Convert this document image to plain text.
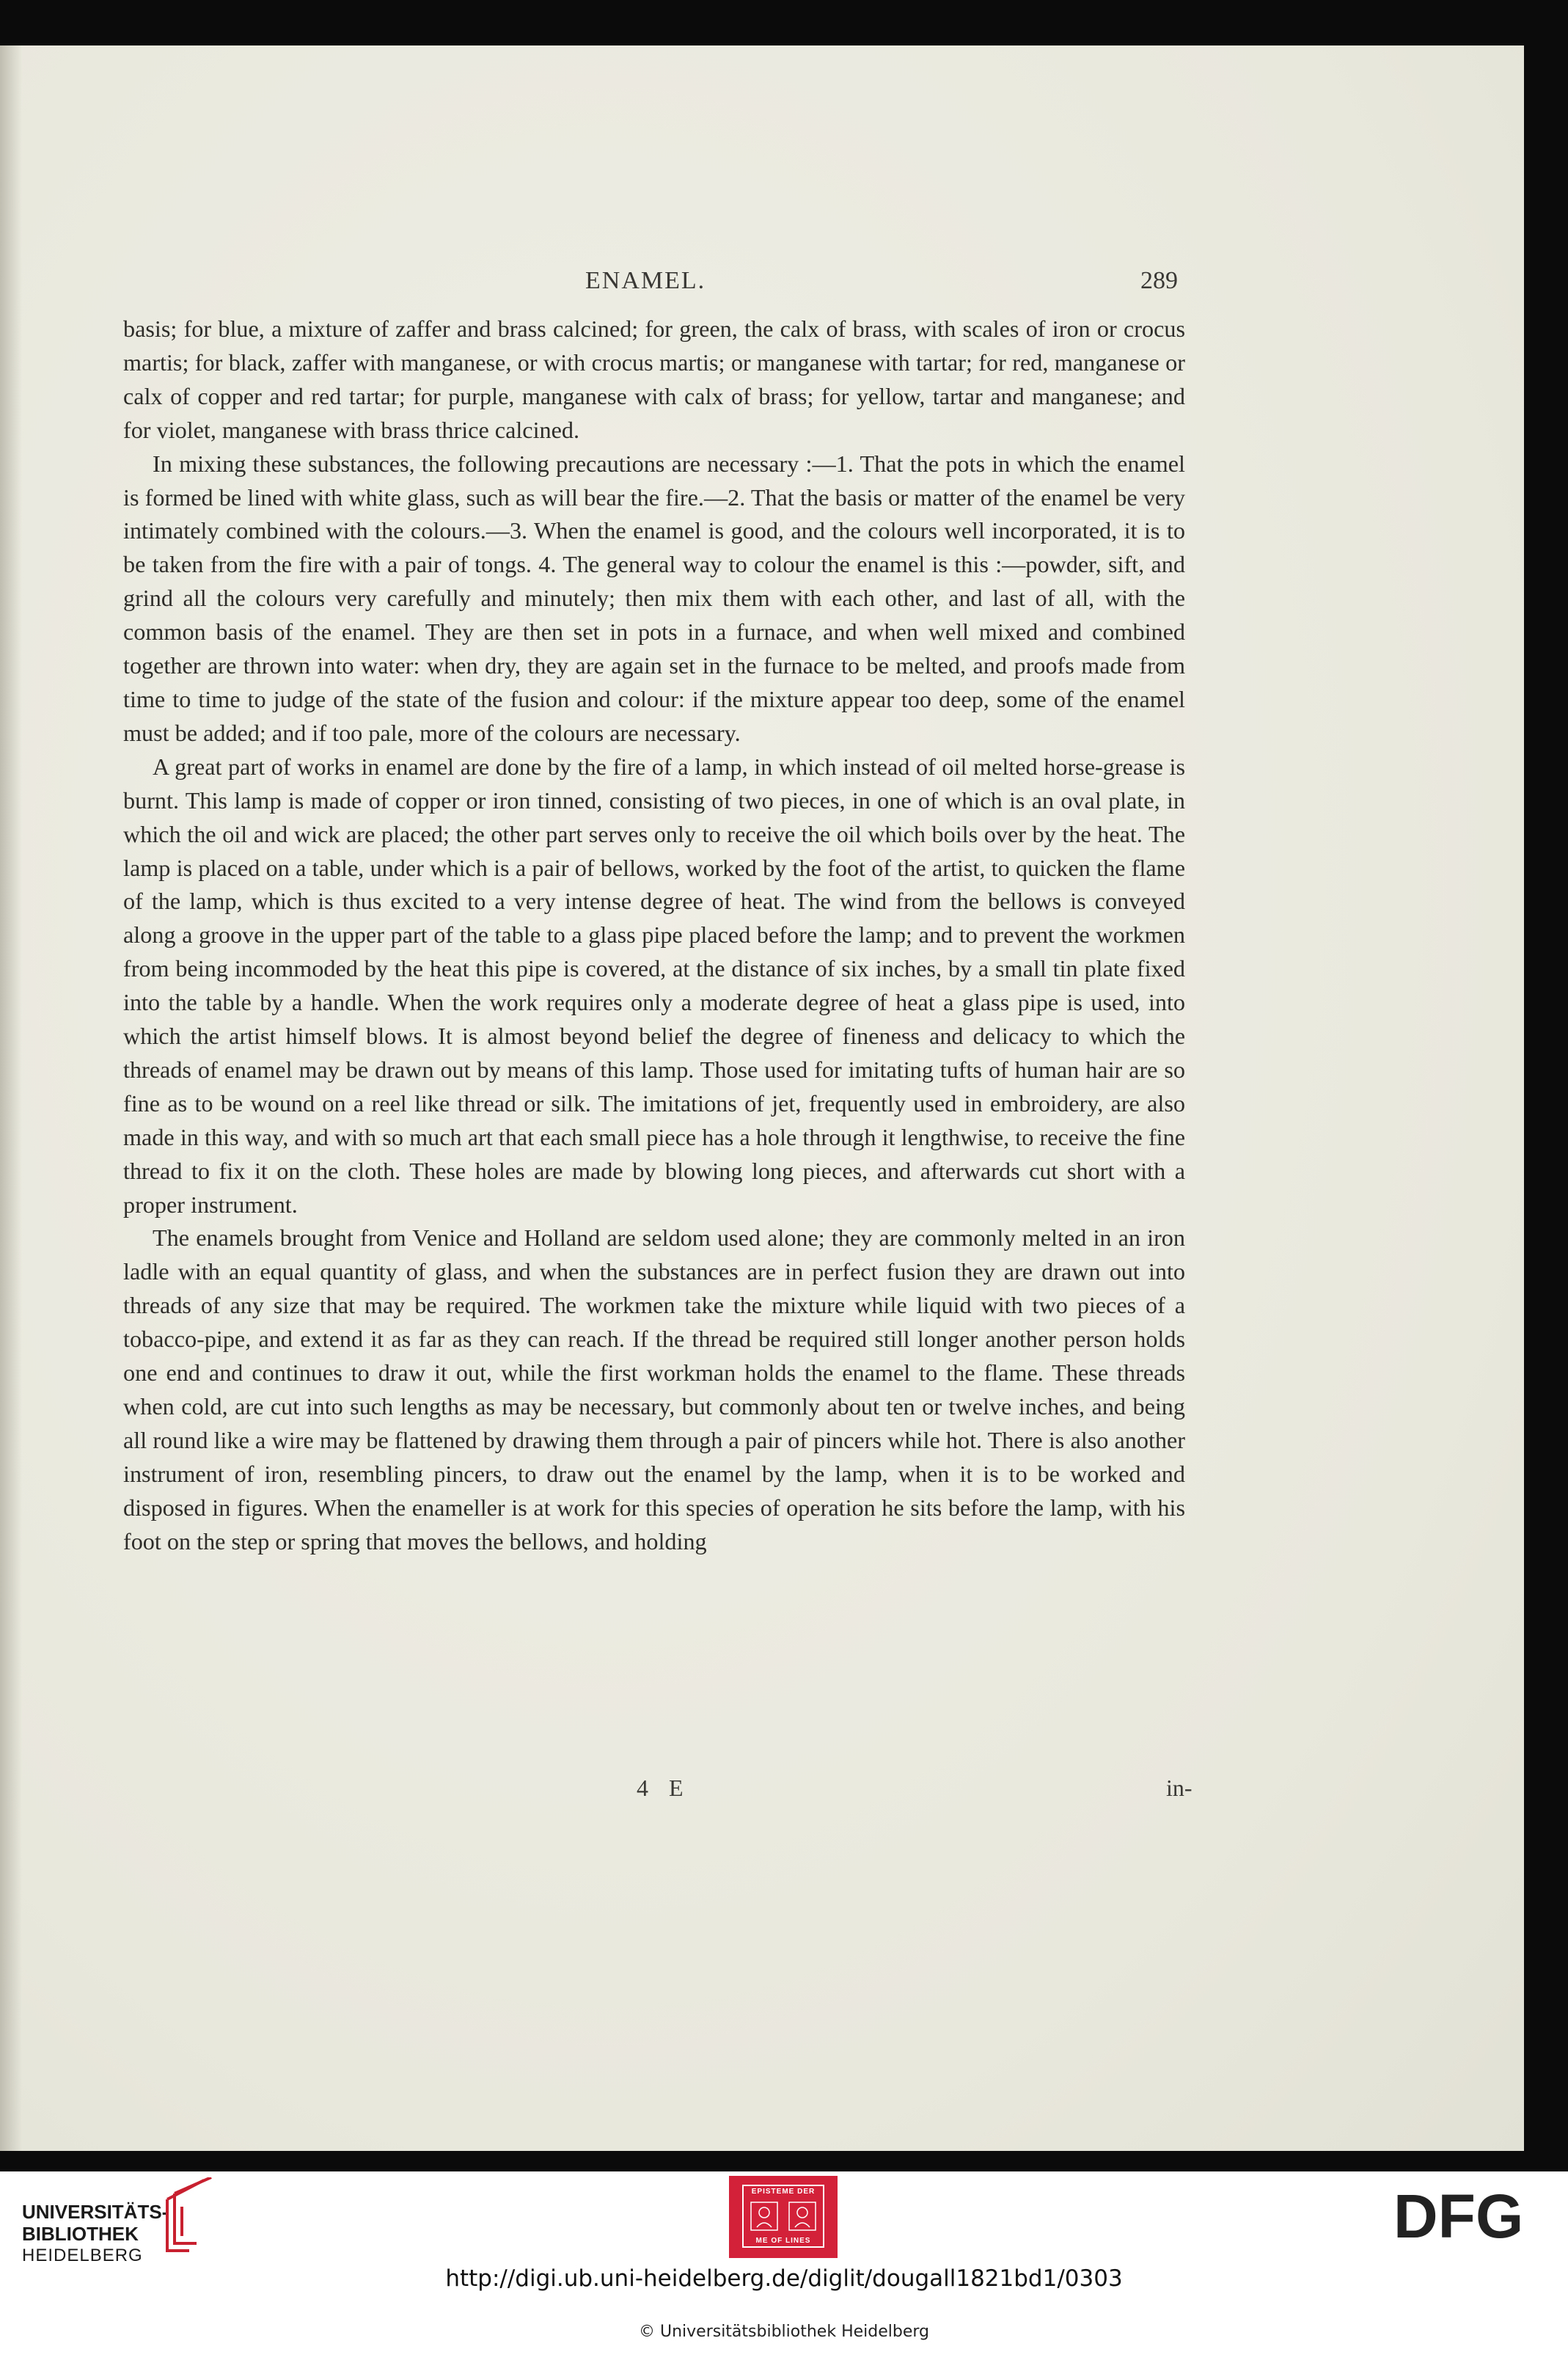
ENAMEL.	289

basis; for blue, a mixture of zaffer and brass calcined; for green, the calx of brass, with scales of iron or crocus martis; for black, zaffer with manganese, or with crocus martis; or manganese with tartar; for red, manganese or calx of copper and red tartar; for purple, manganese with calx of brass; for yellow, tartar and manganese; and for violet, manganese with brass thrice calcined.

In mixing these substances, the following precautions are necessary :—1. That the pots in which the enamel is formed be lined with white glass, such as will bear the fire.—2. That the basis or matter of the enamel be very intimately combined with the colours.—3. When the enamel is good, and the colours well incorporated, it is to be taken from the fire with a pair of tongs. 4. The general way to colour the enamel is this :—powder, sift, and grind all the colours very carefully and minutely; then mix them with each other, and last of all, with the common basis of the enamel. They are then set in pots in a furnace, and when well mixed and combined together are thrown into water: when dry, they are again set in the furnace to be melted, and proofs made from time to time to judge of the state of the fusion and colour: if the mixture appear too deep, some of the enamel must be added; and if too pale, more of the colours are necessary.

A great part of works in enamel are done by the fire of a lamp, in which instead of oil melted horse-grease is burnt. This lamp is made of copper or iron tinned, consisting of two pieces, in one of which is an oval plate, in which the oil and wick are placed; the other part serves only to receive the oil which boils over by the heat. The lamp is placed on a table, under which is a pair of bellows, worked by the foot of the artist, to quicken the flame of the lamp, which is thus excited to a very intense degree of heat. The wind from the bellows is conveyed along a groove in the upper part of the table to a glass pipe placed before the lamp; and to prevent the workmen from being incommoded by the heat this pipe is covered, at the distance of six inches, by a small tin plate fixed into the table by a handle. When the work requires only a moderate degree of heat a glass pipe is used, into which the artist himself blows. It is almost beyond belief the degree of fineness and delicacy to which the threads of enamel may be drawn out by means of this lamp. Those used for imitating tufts of human hair are so fine as to be wound on a reel like thread or silk. The imitations of jet, frequently used in embroidery, are also made in this way, and with so much art that each small piece has a hole through it lengthwise, to receive the fine thread to fix it on the cloth. These holes are made by blowing long pieces, and afterwards cut short with a proper instrument.

The enamels brought from Venice and Holland are seldom used alone; they are commonly melted in an iron ladle with an equal quantity of glass, and when the substances are in perfect fusion they are drawn out into threads of any size that may be required. The workmen take the mixture while liquid with two pieces of a tobacco-pipe, and extend it as far as they can reach. If the thread be required still longer another person holds one end and continues to draw it out, while the first workman holds the enamel to the flame. These threads when cold, are cut into such lengths as may be necessary, but commonly about ten or twelve inches, and being all round like a wire may be flattened by drawing them through a pair of pincers while hot. There is also another instrument of iron, resembling pincers, to draw out the enamel by the lamp, when it is to be worked and disposed in figures. When the enameller is at work for this species of operation he sits before the lamp, with his foot on the step or spring that moves the bellows, and holding

4 E	in-
UNIVERSITÄTS-
BIBLIOTHEK
HEIDELBERG
EPISTEME DER
ME OF LINES	DFG
http://digi.ub.uni-heidelberg.de/diglit/dougall1821bd1/0303
© Universitätsbibliothek Heidelberg
